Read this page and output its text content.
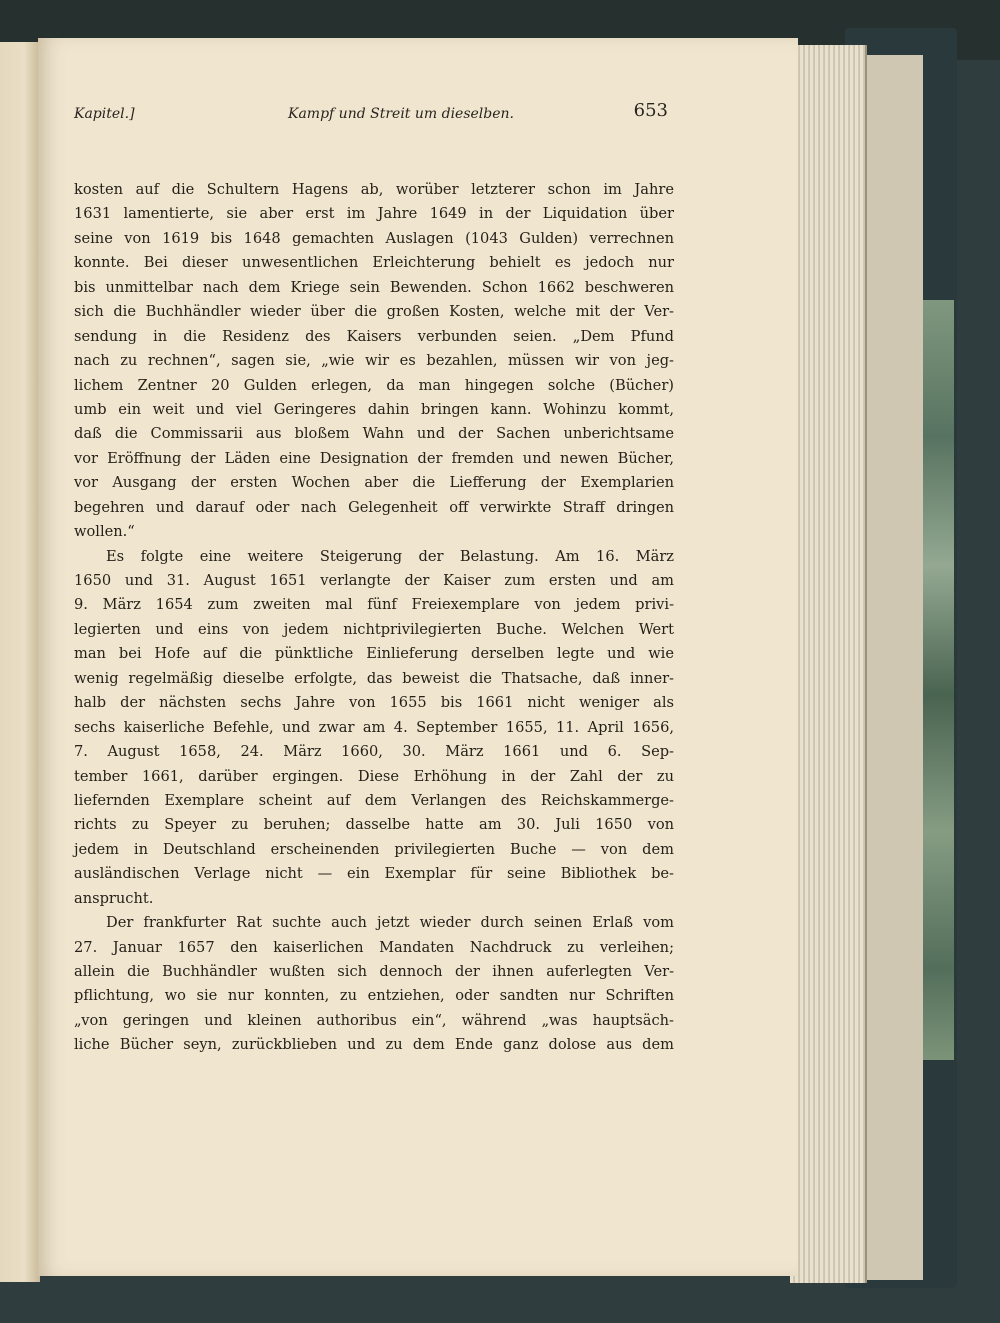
Kapitel.]	Kampf und Streit um dieselben.	653
kosten auf die Schultern Hagens ab, worüber letzterer schon im Jahre
1631 lamentierte, sie aber erst im Jahre 1649 in der Liquidation über
seine von 1619 bis 1648 gemachten Auslagen (1043 Gulden) verrechnen
konnte. Bei dieser unwesentlichen Erleichterung behielt es jedoch nur
bis unmittelbar nach dem Kriege sein Bewenden. Schon 1662 beschweren
sich die Buchhändler wieder über die großen Kosten, welche mit der Ver-
sendung in die Residenz des Kaisers verbunden seien. „Dem Pfund
nach zu rechnen“, sagen sie, „wie wir es bezahlen, müssen wir von jeg-
lichem Zentner 20 Gulden erlegen, da man hingegen solche (Bücher)
umb ein weit und viel Geringeres dahin bringen kann. Wohinzu kommt,
daß die Commissarii aus bloßem Wahn und der Sachen unberichtsame
vor Eröffnung der Läden eine Designation der fremden und newen Bücher,
vor Ausgang der ersten Wochen aber die Liefferung der Exemplarien
begehren und darauf oder nach Gelegenheit off verwirkte Straff dringen
wollen.“
Es folgte eine weitere Steigerung der Belastung. Am 16. März
1650 und 31. August 1651 verlangte der Kaiser zum ersten und am
9. März 1654 zum zweiten mal fünf Freiexemplare von jedem privi-
legierten und eins von jedem nichtprivilegierten Buche. Welchen Wert
man bei Hofe auf die pünktliche Einlieferung derselben legte und wie
wenig regelmäßig dieselbe erfolgte, das beweist die Thatsache, daß inner-
halb der nächsten sechs Jahre von 1655 bis 1661 nicht weniger als
sechs kaiserliche Befehle, und zwar am 4. September 1655, 11. April 1656,
7. August 1658, 24. März 1660, 30. März 1661 und 6. Sep-
tember 1661, darüber ergingen. Diese Erhöhung in der Zahl der zu
liefernden Exemplare scheint auf dem Verlangen des Reichskammerge-
richts zu Speyer zu beruhen; dasselbe hatte am 30. Juli 1650 von
jedem in Deutschland erscheinenden privilegierten Buche — von dem
ausländischen Verlage nicht — ein Exemplar für seine Bibliothek be-
ansprucht.
Der frankfurter Rat suchte auch jetzt wieder durch seinen Erlaß vom
27. Januar 1657 den kaiserlichen Mandaten Nachdruck zu verleihen;
allein die Buchhändler wußten sich dennoch der ihnen auferlegten Ver-
pflichtung, wo sie nur konnten, zu entziehen, oder sandten nur Schriften
„von geringen und kleinen authoribus ein“, während „was hauptsäch-
liche Bücher seyn, zurückblieben und zu dem Ende ganz dolose aus dem
